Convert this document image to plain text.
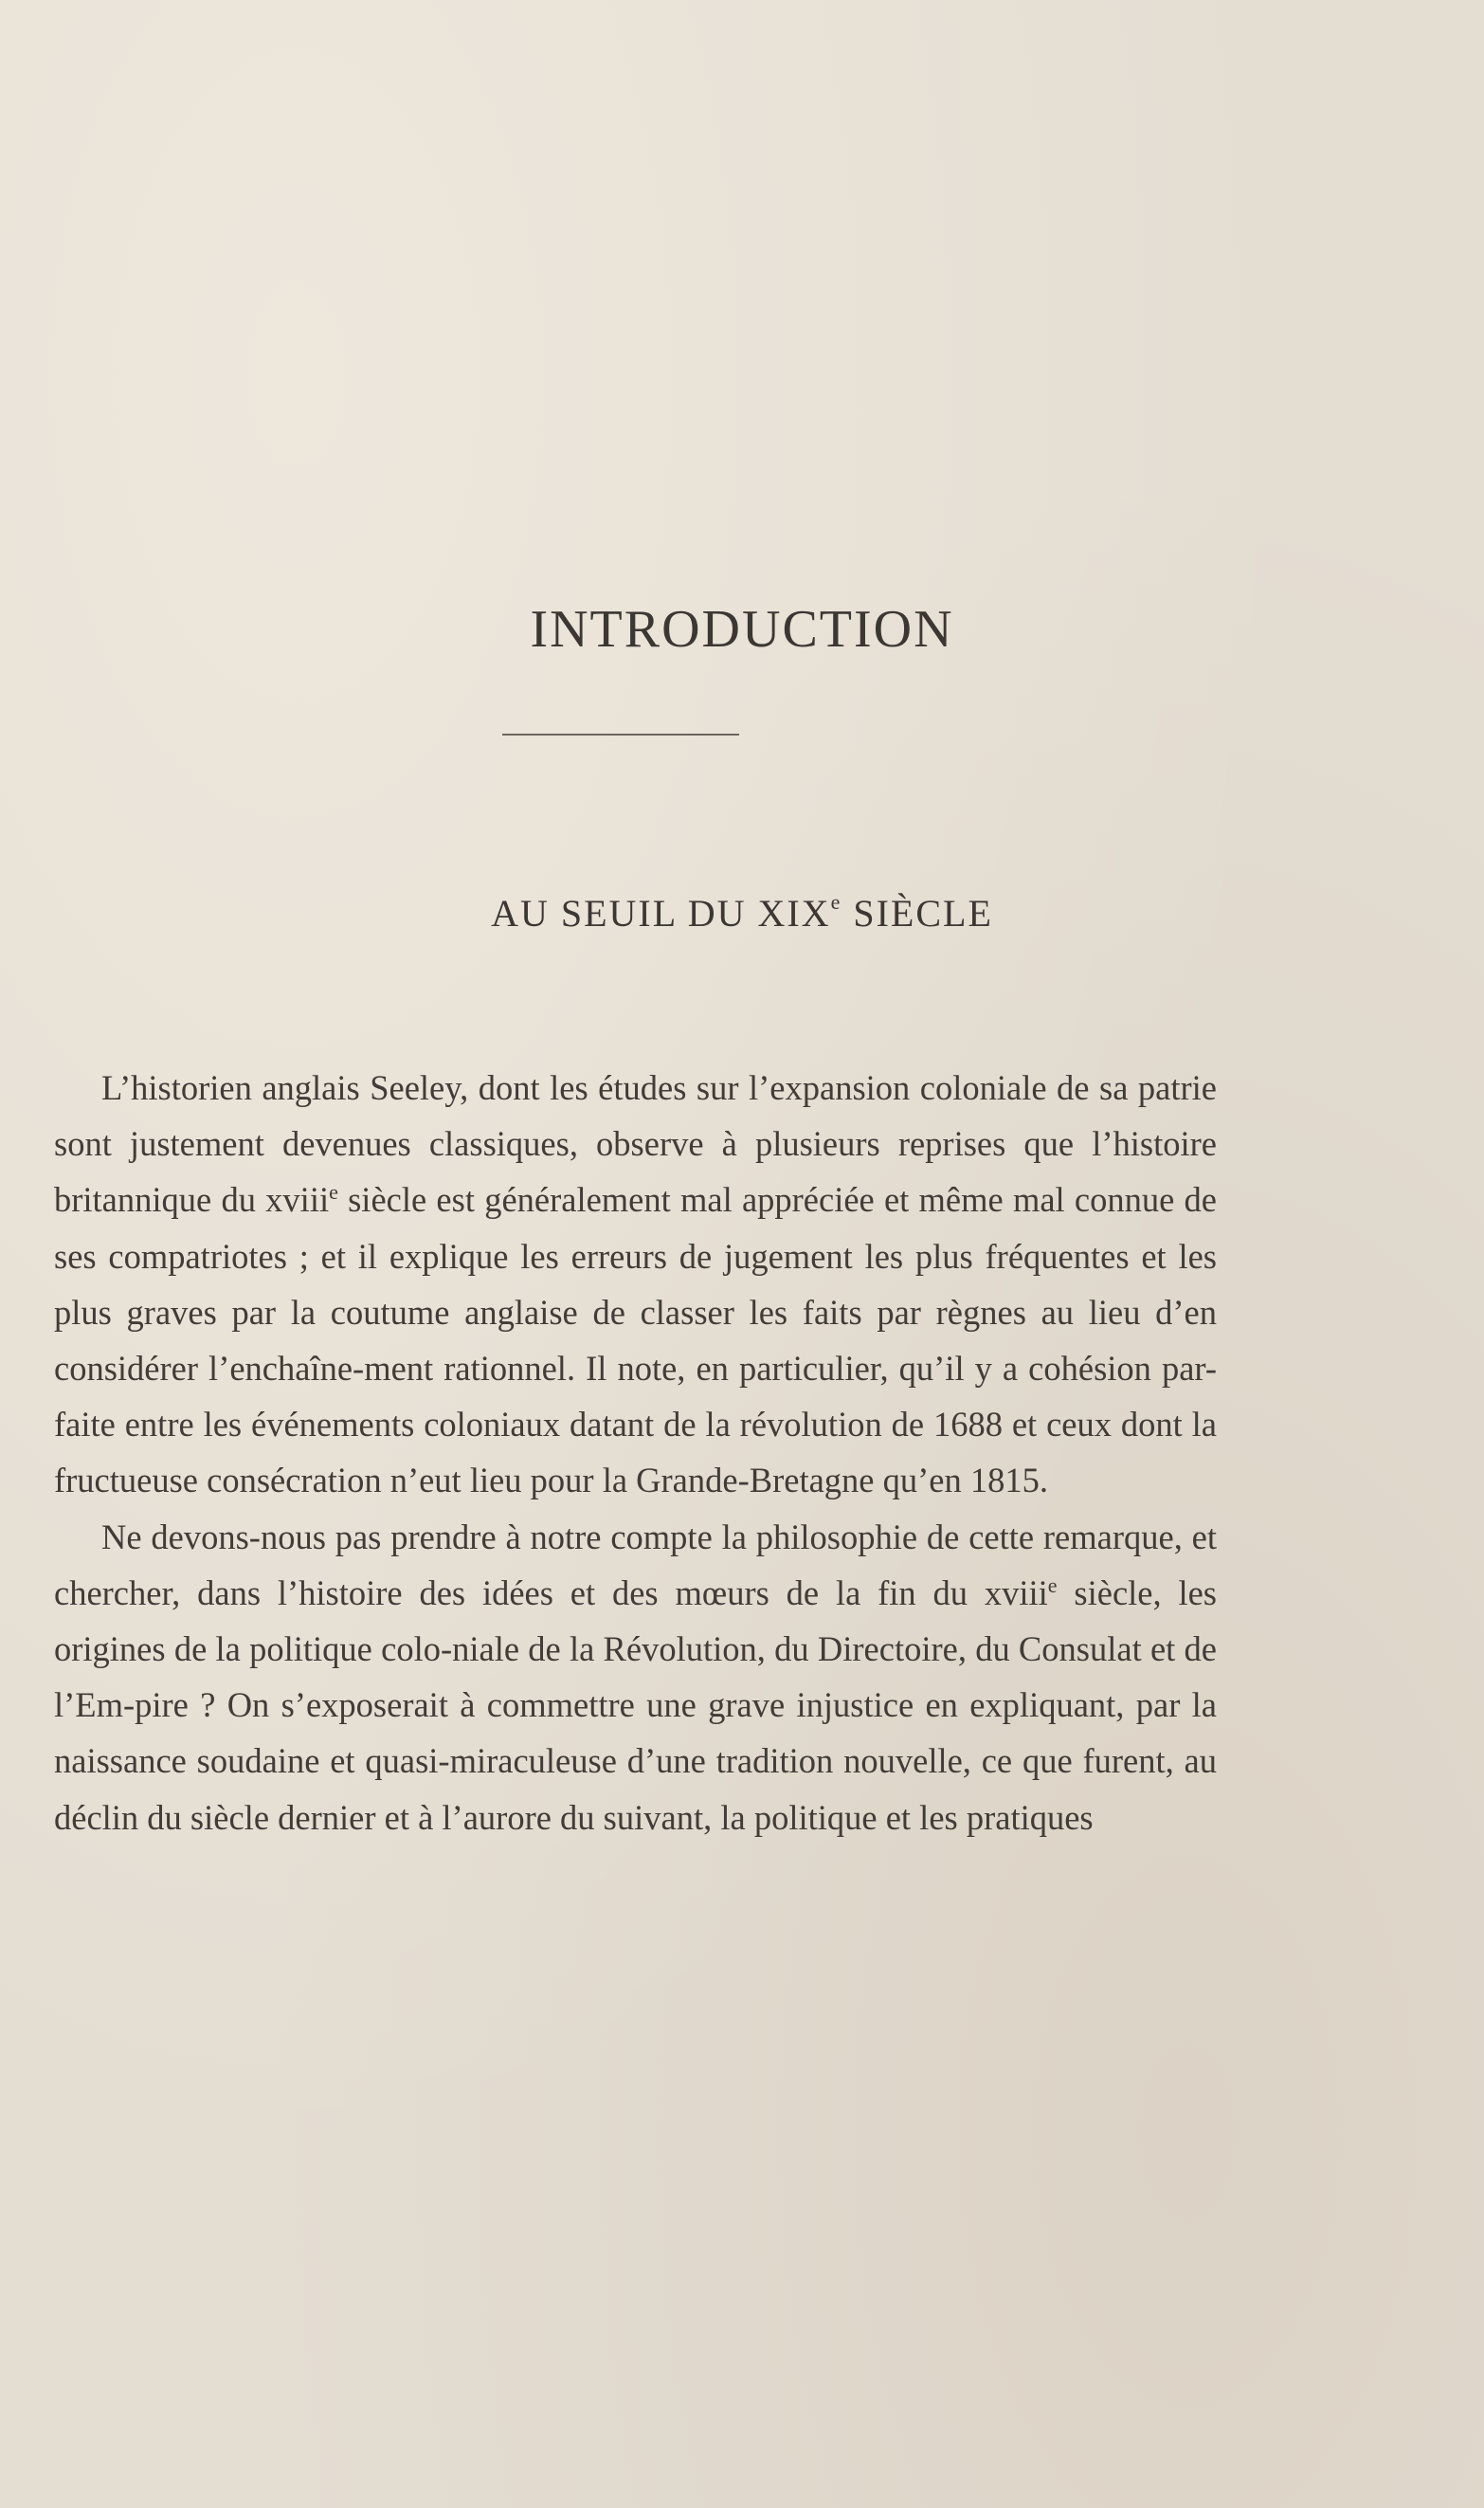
INTRODUCTION
AU SEUIL DU XIXe SIÈCLE

L’historien anglais Seeley, dont les études sur l’expansion coloniale de sa patrie sont justement devenues classiques, observe à plusieurs reprises que l’histoire britannique du xviii$^e$ siècle est généralement mal appréciée et même mal connue de ses compatriotes ; et il explique les erreurs de jugement les plus fréquentes et les plus graves par la coutume anglaise de classer les faits par règnes au lieu d’en considérer l’enchaîne-ment rationnel. Il note, en particulier, qu’il y a cohésion par-faite entre les événements coloniaux datant de la révolution de 1688 et ceux dont la fructueuse consécration n’eut lieu pour la Grande-Bretagne qu’en 1815.

Ne devons-nous pas prendre à notre compte la philosophie de cette remarque, et chercher, dans l’histoire des idées et des mœurs de la fin du xviii$^e$ siècle, les origines de la politique colo-niale de la Révolution, du Directoire, du Consulat et de l’Em-pire ? On s’exposerait à commettre une grave injustice en expliquant, par la naissance soudaine et quasi-miraculeuse d’une tradition nouvelle, ce que furent, au déclin du siècle dernier et à l’aurore du suivant, la politique et les pratiques
